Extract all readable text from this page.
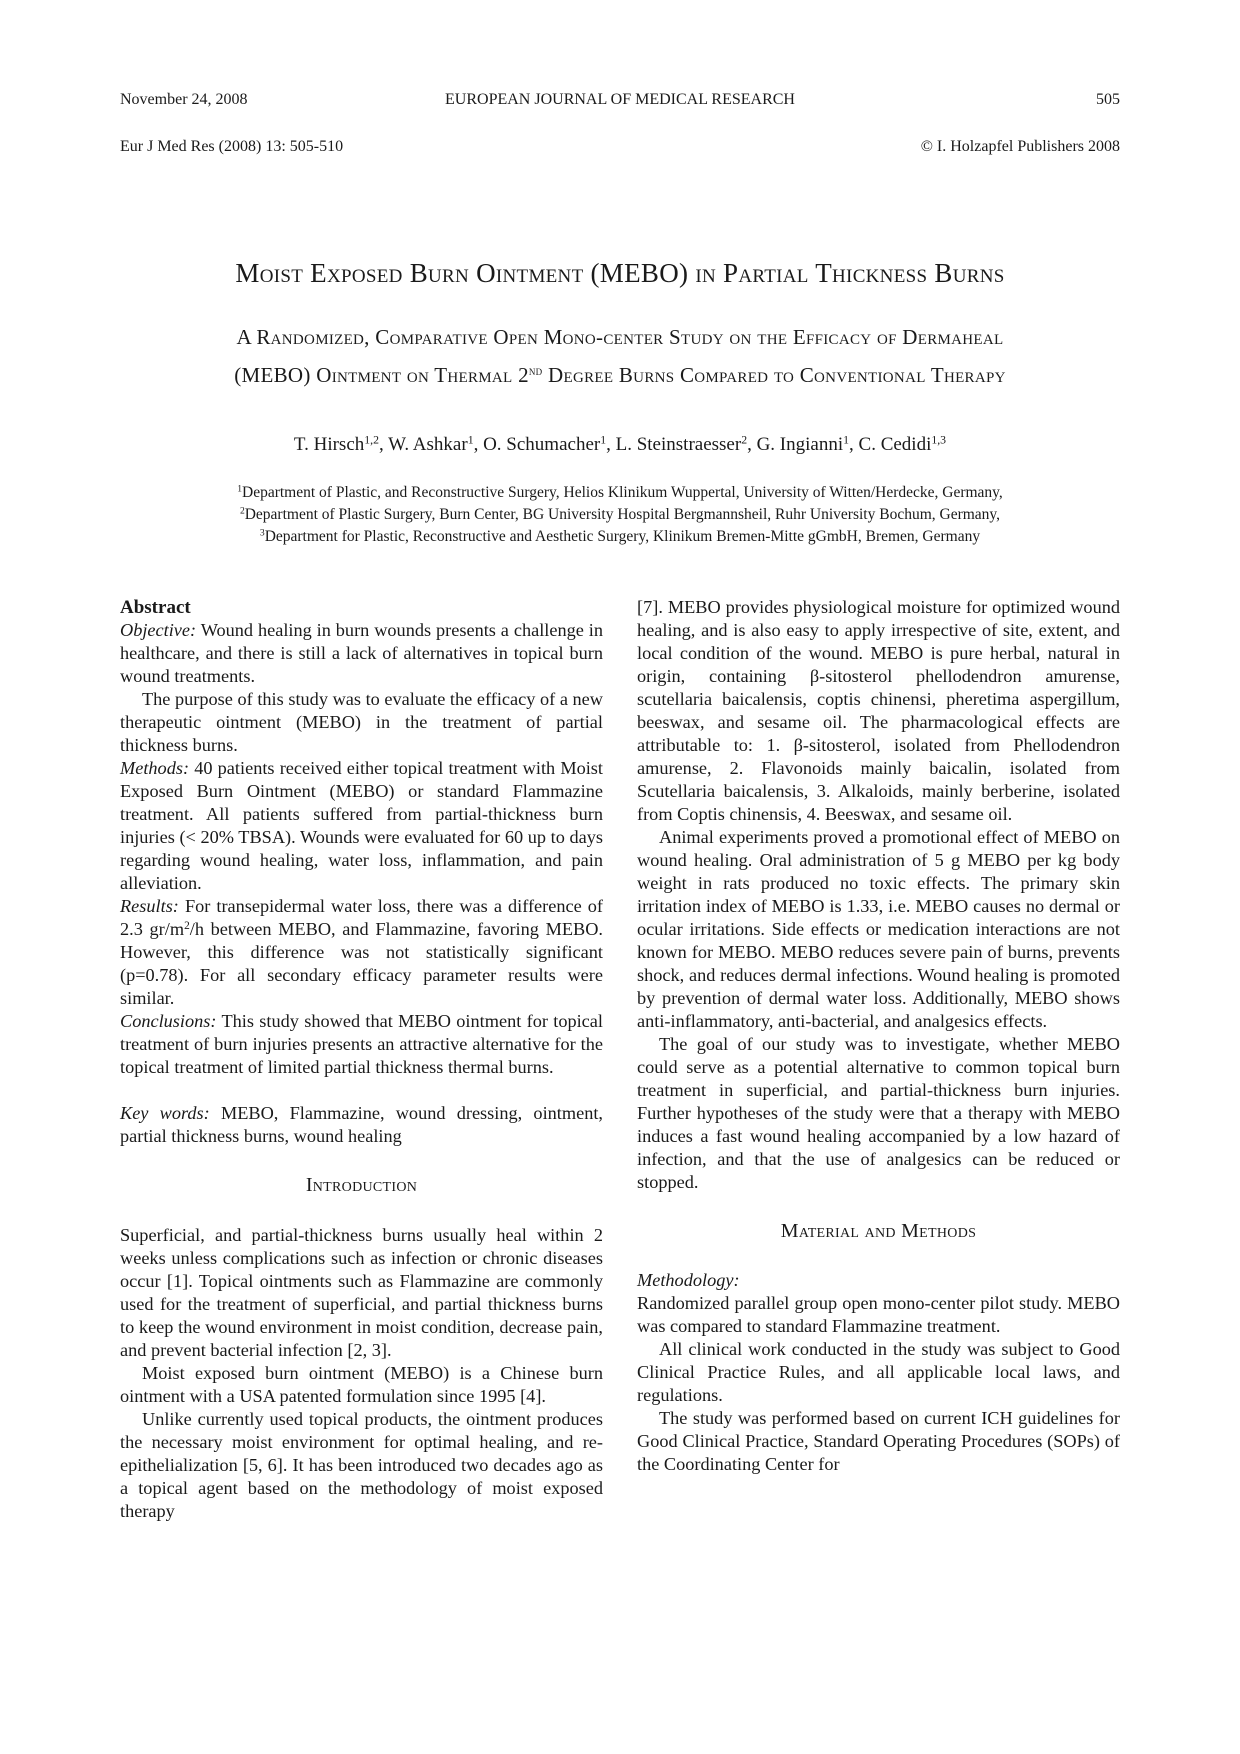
November 24, 2008	EUROPEAN JOURNAL OF MEDICAL RESEARCH	505
Eur J Med Res (2008) 13: 505-510	© I. Holzapfel Publishers 2008
Moist Exposed Burn Ointment (MEBO) in Partial Thickness Burns
A Randomized, Comparative Open Mono-center Study on the Efficacy of Dermaheal
(MEBO) Ointment on Thermal 2nd Degree Burns Compared to Conventional Therapy
T. Hirsch$^{1,2}$, W. Ashkar$^1$, O. Schumacher$^1$, L. Steinstraesser$^2$, G. Ingianni$^1$, C. Cedidi$^{1,3}$
$^1$Department of Plastic, and Reconstructive Surgery, Helios Klinikum Wuppertal, University of Witten/Herdecke, Germany,
$^2$Department of Plastic Surgery, Burn Center, BG University Hospital Bergmannsheil, Ruhr University Bochum, Germany,
$^3$Department for Plastic, Reconstructive and Aesthetic Surgery, Klinikum Bremen-Mitte gGmbH, Bremen, Germany

Abstract

Objective: Wound healing in burn wounds presents a challenge in healthcare, and there is still a lack of alternatives in topical burn wound treatments.

The purpose of this study was to evaluate the efficacy of a new therapeutic ointment (MEBO) in the treatment of partial thickness burns.

Methods: 40 patients received either topical treatment with Moist Exposed Burn Ointment (MEBO) or standard Flammazine treatment. All patients suffered from partial-thickness burn injuries (< 20% TBSA). Wounds were evaluated for 60 up to days regarding wound healing, water loss, inflammation, and pain alleviation.

Results: For transepidermal water loss, there was a difference of 2.3 $gr/m^2/h$ between MEBO, and Flammazine, favoring MEBO. However, this difference was not statistically significant (p=0.78). For all secondary efficacy parameter results were similar.

Conclusions: This study showed that MEBO ointment for topical treatment of burn injuries presents an attractive alternative for the topical treatment of limited partial thickness thermal burns.

Key words: MEBO, Flammazine, wound dressing, ointment, partial thickness burns, wound healing

Introduction

Superficial, and partial-thickness burns usually heal within 2 weeks unless complications such as infection or chronic diseases occur [1]. Topical ointments such as Flammazine are commonly used for the treatment of superficial, and partial thickness burns to keep the wound environment in moist condition, decrease pain, and prevent bacterial infection [2, 3].

Moist exposed burn ointment (MEBO) is a Chinese burn ointment with a USA patented formulation since 1995 [4].

Unlike currently used topical products, the ointment produces the necessary moist environment for optimal healing, and re-epithelialization [5, 6]. It has been introduced two decades ago as a topical agent based on the methodology of moist exposed therapy

[7]. MEBO provides physiological moisture for optimized wound healing, and is also easy to apply irrespective of site, extent, and local condition of the wound. MEBO is pure herbal, natural in origin, containing β-sitosterol phellodendron amurense, scutellaria baicalensis, coptis chinensi, pheretima aspergillum, beeswax, and sesame oil. The pharmacological effects are attributable to: 1. β-sitosterol, isolated from Phellodendron amurense, 2. Flavonoids mainly baicalin, isolated from Scutellaria baicalensis, 3. Alkaloids, mainly berberine, isolated from Coptis chinensis, 4. Beeswax, and sesame oil.

Animal experiments proved a promotional effect of MEBO on wound healing. Oral administration of 5 g MEBO per kg body weight in rats produced no toxic effects. The primary skin irritation index of MEBO is 1.33, i.e. MEBO causes no dermal or ocular irritations. Side effects or medication interactions are not known for MEBO. MEBO reduces severe pain of burns, prevents shock, and reduces dermal infections. Wound healing is promoted by prevention of dermal water loss. Additionally, MEBO shows anti-inflammatory, anti-bacterial, and analgesics effects.

The goal of our study was to investigate, whether MEBO could serve as a potential alternative to common topical burn treatment in superficial, and partial-thickness burn injuries. Further hypotheses of the study were that a therapy with MEBO induces a fast wound healing accompanied by a low hazard of infection, and that the use of analgesics can be reduced or stopped.

Material and Methods

Methodology:

Randomized parallel group open mono-center pilot study. MEBO was compared to standard Flammazine treatment.

All clinical work conducted in the study was subject to Good Clinical Practice Rules, and all applicable local laws, and regulations.

The study was performed based on current ICH guidelines for Good Clinical Practice, Standard Operating Procedures (SOPs) of the Coordinating Center for
